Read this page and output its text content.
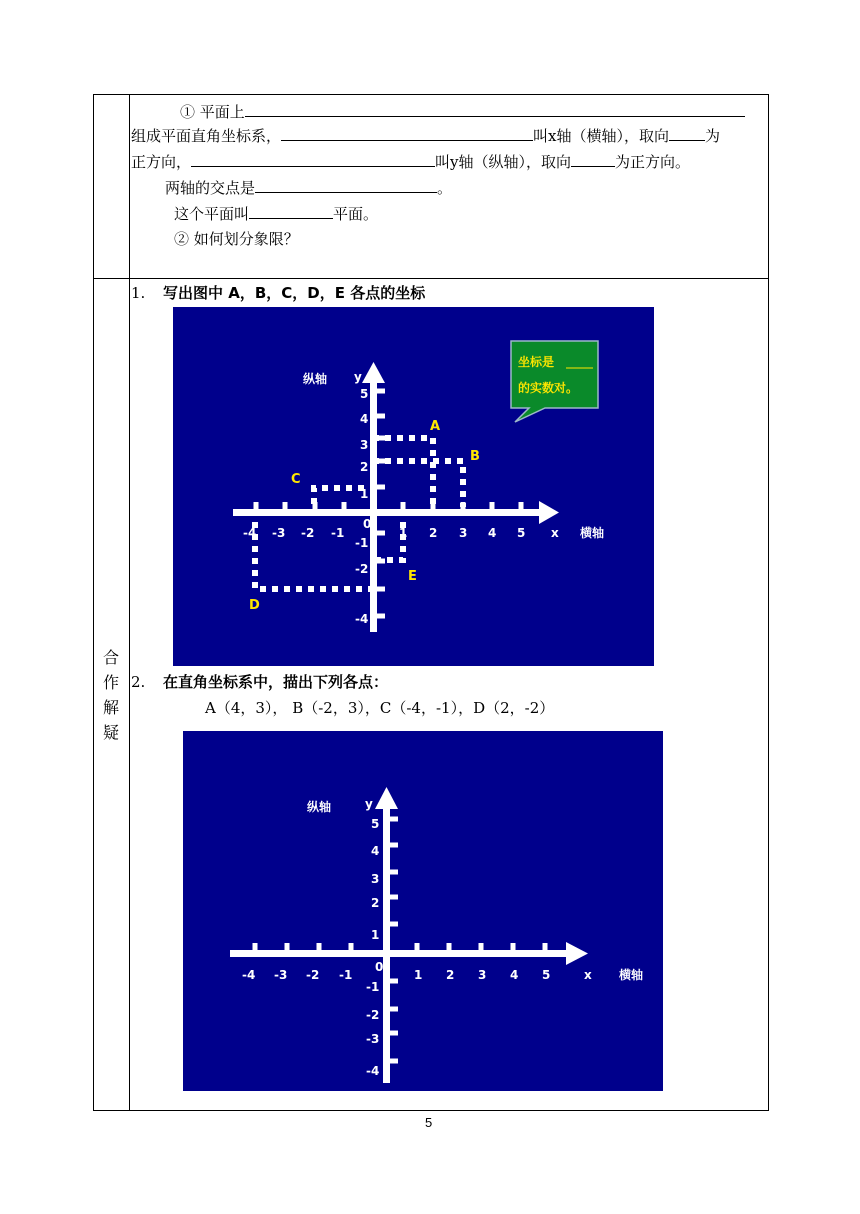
① 平面上
组成平面直角坐标系，	叫x轴（横轴），取向 为
正方向，	叫y轴（纵轴），取向	为正方向。
两轴的交点是	。
这个平面叫	平面。
② 如何划分象限？
合
作
解
疑
1. 写出图中 A，B，C，D，E 各点的坐标
纵轴 y
横轴
x
0
-4 -3 -2 -1	1 2 3 4 5
5
4
3
2
1
-1
-2
-4
A
B
C
D
E
坐标是
的实数对。
2. 在直角坐标系中，描出下列各点：
A（4，3）， B（-2，3），C（-4，-1），D（2，-2）
纵轴	y
横轴
x
0
-4 -3 -2 -1	1 2 3 4 5
5
4
3
2
1
-1
-2
-3
-4
5
